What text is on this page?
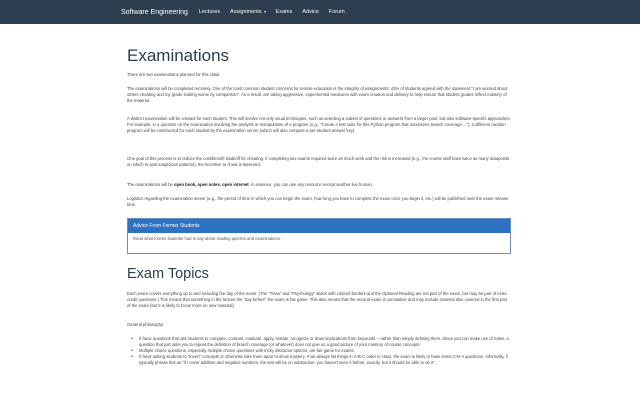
Software Engineering Lectures Assignments	Exams Advice Forum
Examinations

There are two examinations planned for this class.

The examinations will be completed remotely. One of the most common student concerns for remote education is the integrity of assignments: 43% of students agreed with the statement "I am worried about others cheating and my grade looking worse by comparison". As a result, are taking aggressive, experimental measures with exam creation and delivery to help ensure that student grades reflect mastery of the material.

A distinct examination will be created for each student. This will involve not only usual techniques, such as selecting a subset of questions or answers from a larger pool, but also software-specific approaches. For example, in a question on the examination involving the analysis or manipulation of a program (e.g., "Create a test suite for this Python program that maximizes branch coverage ..."), a different random program will be constructed for each student by the examination server (which will also compute a per-student answer key).

One goal of this process is to reduce the cost/benefit tradeoff for cheating: if completing two exams required twice as much work and the risk is increased (e.g., the course staff have twice as many datapoints on which to spot suspicious patterns), the incentive to cheat is lessened.

The examinations will be open book, open notes, open internet. In essence, you can use any resource except another live human.

Logistics regarding the examination server (e.g., the period of time in which you can begin the exam, how long you have to complete the exam once you begin it, etc.) will be published near the exam release time.

Advice From Former Students
Read what former students had to say about reading quizzes and examinations.
Exam Topics

Each exam covers everything up to and including the day of the exam. (The "Trivia" and "Psychology" slides with colored borders and the Optional Reading are not part of the exam, but may be part of extra credit questions.) This means that something in the lecture the "day before" the exam is fair game. This also means that the second exam is cumulative and may include material also covered in the first part of the exam (but it is likely to focus more on new material).

General philosophy:

• If favor questions that ask students to compare, contrast, evaluate, apply, restate, recognize or draw implications from keywords -- rather than simply defining them. Since you can make use of notes, a question that just asks you to repeat the definition of branch coverage (or whatever) does not give us a good picture of your mastery of course concepts.
• Multiple choice questions, especially multiple choice questions with tricky distractor options, are fair game for exams.
• If favor asking students to "invert" concepts or otherwise take them apart to show mastery. If we always list things in A-B-C order in class, the exam is likely to have some C-B-A questions. Informally, if typically phrase this as "if I cover addition and negative numbers, the test will be on subtraction: you haven't seen it before, exactly, but it should be able to do it".
